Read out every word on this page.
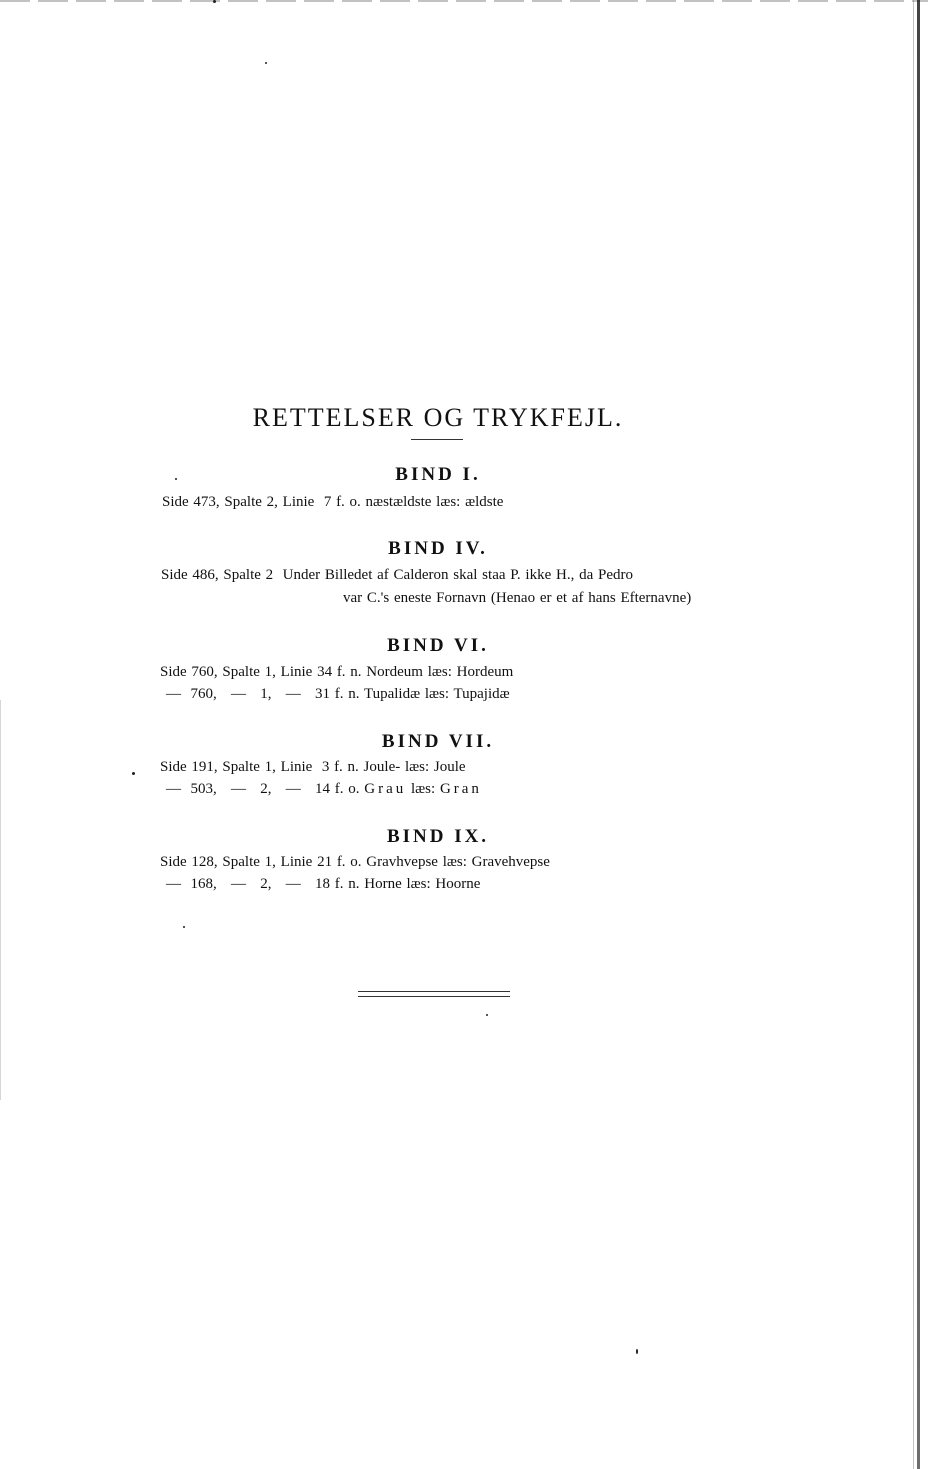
RETTELSER OG TRYKFEJL.
BIND I.
Side 473, Spalte 2, Linie  7 f. o. næstældste læs: ældste
BIND IV.
Side 486, Spalte 2  Under Billedet af Calderon skal staa P. ikke H., da Pedro
var C.'s eneste Fornavn (Henao er et af hans Efternavne)
BIND VI.
Side 760, Spalte 1, Linie 34 f. n. Nordeum læs: Hordeum
—  760,   —   1,   —   31 f. n. Tupalidæ læs: Tupajidæ
BIND VII.
Side 191, Spalte 1, Linie  3 f. n. Joule- læs: Joule
—  503,   —   2,   —   14 f. o. Grau læs: Gran
BIND IX.
Side 128, Spalte 1, Linie 21 f. o. Gravhvepse læs: Gravehvepse
—  168,   —   2,   —   18 f. n. Horne læs: Hoorne
